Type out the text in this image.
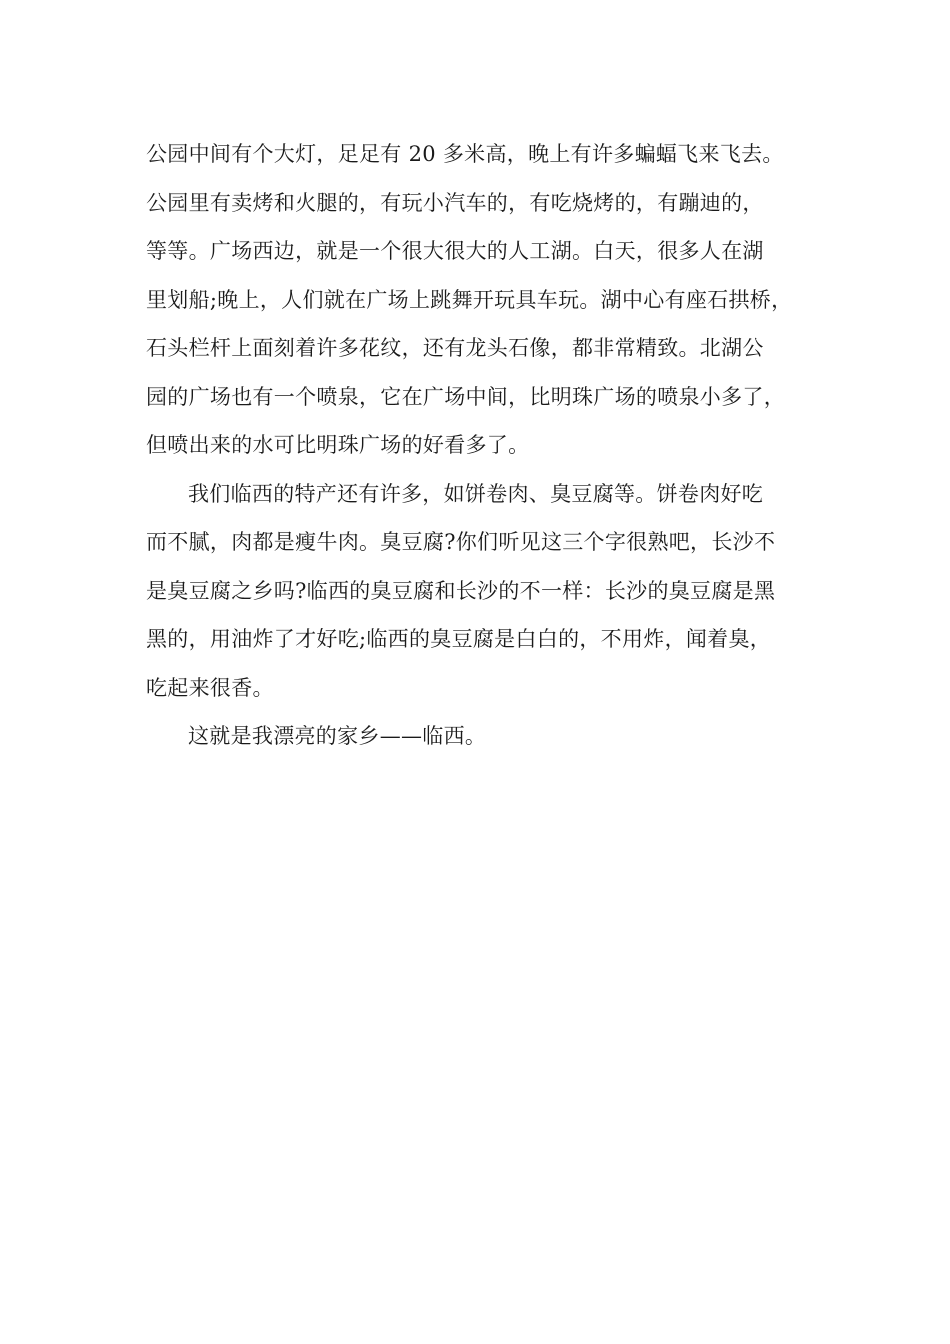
公园中间有个大灯，足足有 20 多米高，晚上有许多蝙蝠飞来飞去。
公园里有卖烤和火腿的，有玩小汽车的，有吃烧烤的，有蹦迪的，
等等。广场西边，就是一个很大很大的人工湖。白天，很多人在湖
里划船;晚上，人们就在广场上跳舞开玩具车玩。湖中心有座石拱桥，
石头栏杆上面刻着许多花纹，还有龙头石像，都非常精致。北湖公
园的广场也有一个喷泉，它在广场中间，比明珠广场的喷泉小多了，
但喷出来的水可比明珠广场的好看多了。
我们临西的特产还有许多，如饼卷肉、臭豆腐等。饼卷肉好吃
而不腻，肉都是瘦牛肉。臭豆腐?你们听见这三个字很熟吧，长沙不
是臭豆腐之乡吗?临西的臭豆腐和长沙的不一样：长沙的臭豆腐是黑
黑的，用油炸了才好吃;临西的臭豆腐是白白的，不用炸，闻着臭，
吃起来很香。
这就是我漂亮的家乡——临西。
